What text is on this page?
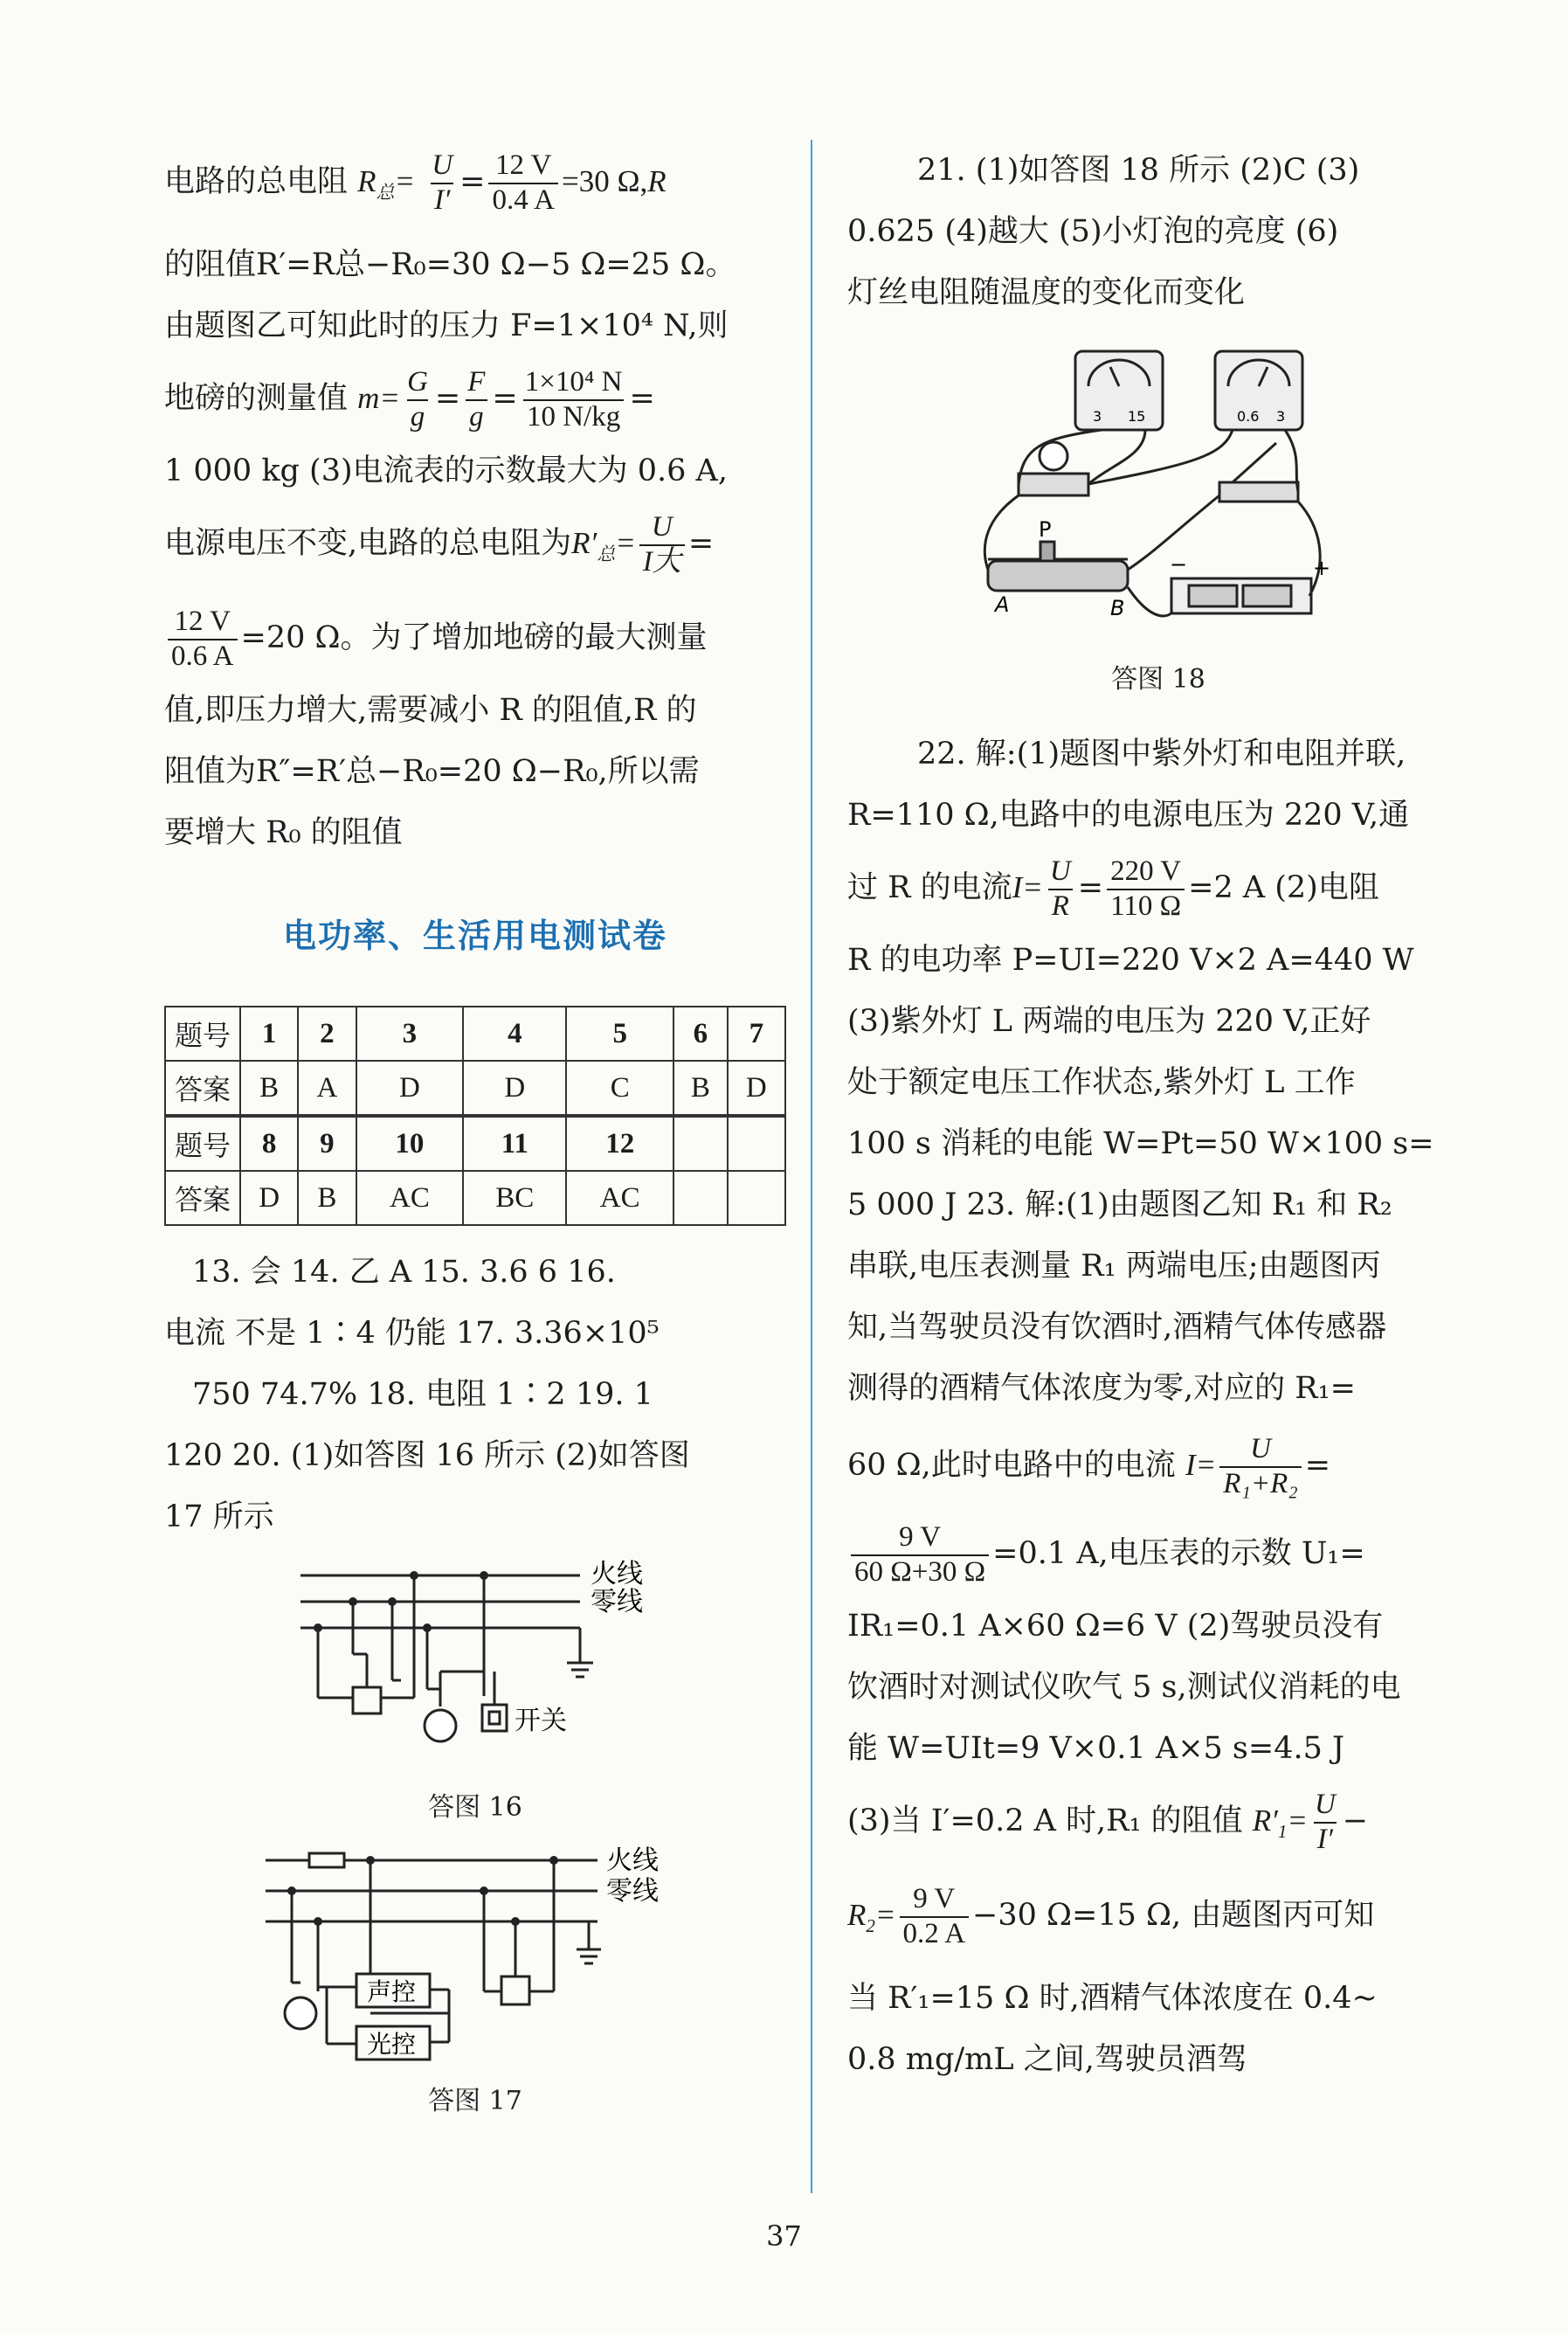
电路的总电阻 $R_总= \frac{U}{I'} = \frac{12 V}{0.4 A} =30$ Ω,R
的阻值R′=R总−R₀=30 Ω−5 Ω=25 Ω。
由题图乙可知此时的压力 F=1×10⁴ N,则
地磅的测量值 $m= \frac{G}{g} = \frac{F}{g} = \frac{\text{1×10⁴ N}}{10 N/kg}$ =
1 000 kg (3)电流表的示数最大为 0.6 A,
电源电压不变,电路的总电阻为$R'_总= \frac{U}{\text{I大}}$ =
$\frac{12 V}{0.6 A} =20$ Ω。为了增加地磅的最大测量
值,即压力增大,需要减小 R 的阻值,R 的
阻值为R″=R′总−R₀=20 Ω−R₀,所以需
要增大 R₀ 的阻值
电功率、生活用电测试卷
题号	1	2	3	4	5	6	7
答案	B	A	D	D	C	B	D
题号	8	9	10	11	12		
答案	D	B	AC	BC	AC		
13. 会 14. 乙 A 15. 3.6 6 16.
电流 不是 1∶4 仍能 17. 3.36×10⁵
750 74.7% 18. 电阻 1∶2 19. 1
120 20. (1)如答图 16 所示 (2)如答图
17 所示
火线
零线
开关
答图 16
火线
零线
声控
光控
答图 17
21. (1)如答图 18 所示 (2)C (3)
0.625 (4)越大 (5)小灯泡的亮度 (6)
灯丝电阻随温度的变化而变化
3 15	0.6 3
P
A	B
−	+
答图 18
22. 解:(1)题图中紫外灯和电阻并联,
R=110 Ω,电路中的电源电压为 220 V,通
过 R 的电流$I= \frac{U}{R} = \frac{220 V}{110 \Omega} =2$ A (2)电阻
R 的电功率 P=UI=220 V×2 A=440 W
(3)紫外灯 L 两端的电压为 220 V,正好
处于额定电压工作状态,紫外灯 L 工作
100 s 消耗的电能 W=Pt=50 W×100 s=
5 000 J 23. 解:(1)由题图乙知 R₁ 和 R₂
串联,电压表测量 R₁ 两端电压;由题图丙
知,当驾驶员没有饮酒时,酒精气体传感器
测得的酒精气体浓度为零,对应的 R₁=
60 Ω,此时电路中的电流 $I= \frac{U}{\text{R₁+R₂}}$ =
$\frac{9 V}{60 \Omega+30 \Omega} =0.1$ A,电压表的示数 U₁=
IR₁=0.1 A×60 Ω=6 V (2)驾驶员没有
饮酒时对测试仪吹气 5 s,测试仪消耗的电
能 W=UIt=9 V×0.1 A×5 s=4.5 J
(3)当 I′=0.2 A 时,R₁ 的阻值 $R'_1= \frac{U}{I'}$ −
$R_2= \frac{9 V}{0.2 A} -30$ Ω=15 Ω, 由题图丙可知
当 R′₁=15 Ω 时,酒精气体浓度在 0.4~
0.8 mg/mL 之间,驾驶员酒驾
37
